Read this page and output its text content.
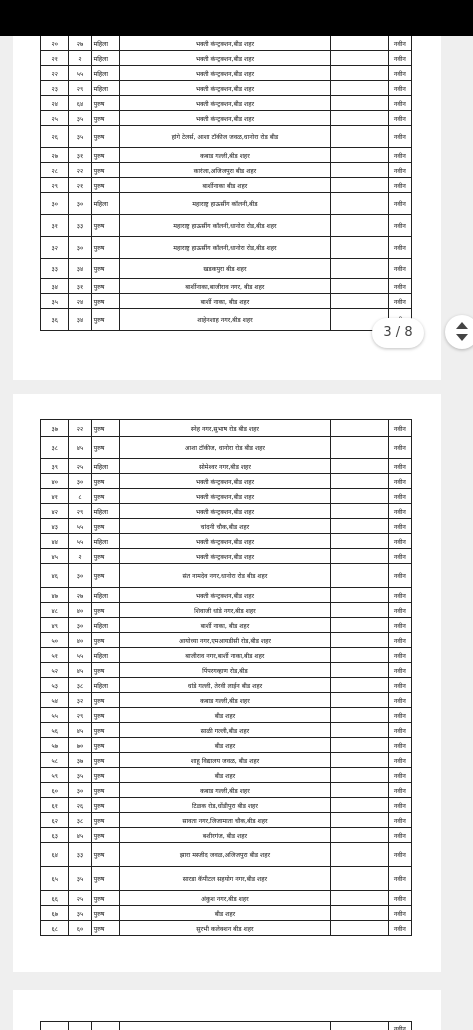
२०	२७	महिला	भक्ती कंन्ट्रक्शन,बीड शहर		नवीन
२१	२	महिला	भक्ती कंन्ट्रक्शन,बीड शहर		नवीन
२२	५५	महिला	भक्ती कंन्ट्रक्शन,बीड शहर		नवीन
२३	२९	महिला	भक्ती कंन्ट्रक्शन,बीड शहर		नवीन
२४	६४	पुरुष	भक्ती कंन्ट्रक्शन,बीड शहर		नवीन
२५	३५	पुरुष	भक्ती कंन्ट्रक्शन,बीड शहर		नवीन
२६	३५	पुरुष	हांगे टेलर्स, आशा टॉकीज जवळ,धानोरा रोड बीड		नवीन
२७	३१	पुरुष	कबाड गल्ली,बीड शहर		नवीन
२८	२२	पुरुष	कारंजा,अजिजपुरा बीड शहर		नवीन
२९	२१	पुरुष	बार्शीनाका बीड शहर		नवीन
३०	३०	महिला	महाराष्ट्र हाऊसींग कॉलनी,बीड		नवीन
३१	३३	पुरुष	महाराष्ट्र हाऊसींग कॉलनी,धानोरा रोड,बीड शहर		नवीन
३२	३०	पुरुष	महाराष्ट्र हाऊसींग कॉलनी,धानोरा रोड,बीड शहर		नवीन
३३	३४	पुरुष	खडकपुरा बीड शहर		नवीन
३४	३१	पुरुष	बार्शीनाका,बाजीराव नगर, बीड शहर		नवीन
३५	२४	पुरुष	बार्शी नाका, बीड शहर		नवीन
३६	३४	पुरुष	शाहेनशाह नगर,बीड शहर		
३७	२२	पुरुष	स्नेह नगर,सुभाष रोड बीड शहर		नवीन
३८	४५	पुरुष	आशा टॉकीज, धानोरा रोड बीड शहर		नवीन
३९	२५	महिला	सोमेश्वर नगर,बीड शहर		नवीन
४०	३०	पुरुष	भक्ती कंन्ट्रक्शन,बीड शहर		नवीन
४१	८	पुरुष	भक्ती कंन्ट्रक्शन,बीड शहर		नवीन
४२	२९	महिला	भक्ती कंन्ट्रक्शन,बीड शहर		नवीन
४३	५५	पुरुष	चांदनी चौक,बीड शहर		नवीन
४४	५५	महिला	भक्ती कंन्ट्रक्शन,बीड शहर		नवीन
४५	२	पुरुष	भक्ती कंन्ट्रक्शन,बीड शहर		नवीन
४६	३०	पुरुष	संत नामदेव नगर,धानोरा रोड बीड शहर		नवीन
४७	२७	महिला	भक्ती कंन्ट्रक्शन,बीड शहर		नवीन
४८	४०	पुरुष	शिवाजी धांडे नगर,बीड शहर		नवीन
४९	३०	महिला	बार्शी नाका, बीड शहर		नवीन
५०	४०	पुरुष	आयोध्या नगर,एमआयडीसी रोड,बीड शहर		नवीन
५१	५५	महिला	बाजीराव नगर,बार्शी नाका,बीड शहर		नवीन
५२	४५	पुरुष	पिंपरगव्हाण रोड,बीड		नवीन
५३	३८	महिला	धांडे गल्ली, तेरवी लाईन बीड शहर		नवीन
५४	३२	पुरुष	कबाड गल्ली,बीड शहर		नवीन
५५	२९	पुरुष	बीड शहर		नवीन
५६	४५	पुरुष	साळी गल्ली,बीड शहर		नवीन
५७	७०	पुरुष	बीड शहर		नवीन
५८	३७	पुरुष	शाहू विद्यालय जवळ, बीड शहर		नवीन
५९	३५	पुरुष	बीड शहर		नवीन
६०	३०	पुरुष	कबाड गल्ली,बीड शहर		नवीन
६१	२६	पुरुष	टिळक रोड,धोंडीपुरा बीड शहर		नवीन
६२	३८	पुरुष	सावता नगर,जिजामाता चौक,बीड शहर		नवीन
६३	४५	पुरुष	बशीरगंज, बीड शहर		नवीन
६४	३३	पुरुष	झारा मस्जीद जवळ,अजिजपुरा बीड शहर		नवीन
६५	३५	पुरुष	सारडा कॅपीटल सहयोग नगर,बीड शहर		नवीन
६६	२५	पुरुष	अंकुश नगर,बीड शहर		नवीन
६७	३५	पुरुष	बीड शहर		नवीन
६८	६०	पुरुष	सुरभी कलेक्शन बीड शहर		नवीन
					नवीन
3 / 8
